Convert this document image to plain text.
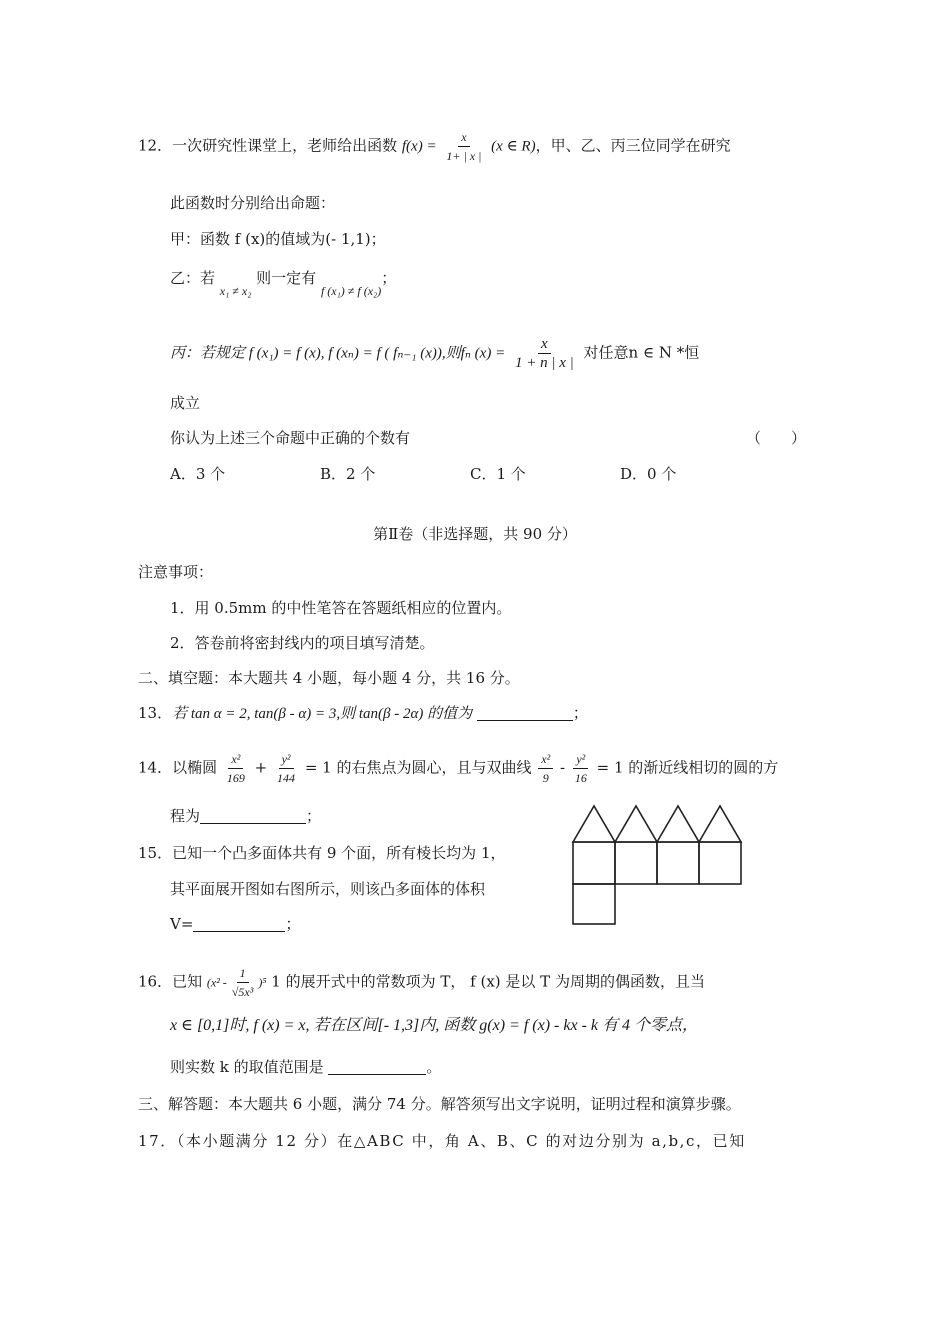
12．一次研究性课堂上，老师给出函数 $f(x) = \frac{x}{1+ | x |} (x$ ∈ R)，甲、乙、丙三位同学在研究
此函数时分别给出命题：
甲：函数 f (x)的值域为(- 1,1)；
乙：若 $_{x_1 \ne x_2}$ 则一定有 $_{f (x_1) \ne f (x_2)}$；
丙：若规定 f (x₁) = f (x), f (xₙ) = f ( fₙ₋₁ (x)),则fₙ $(x) = \frac{x}{1 + n | x |}$ 对任意n ∈ N *恒
成立
你认为上述三个命题中正确的个数有	（　　）
A．3 个	B．2 个	C．1 个	D．0 个
第Ⅱ卷（非选择题，共 90 分）
注意事项：
1．用 0.5mm 的中性笔答在答题纸相应的位置内。
2．答卷前将密封线内的项目填写清楚。
二、填空题：本大题共 4 小题，每小题 4 分，共 16 分。
13．若 tan α = 2, tan(β - α) = 3,则 tan(β - 2α) 的值为	；
14．以椭圆 $\frac{\text{x²}}{169} + \frac{\text{y²}}{144} = 1$ 的右焦点为圆心，且与双曲线 $\frac{\text{x²}}{9} - \frac{\text{y²}}{16} = 1$ 的渐近线相切的圆的方
程为	；
15．已知一个凸多面体共有 9 个面，所有棱长均为 1，
其平面展开图如右图所示，则该凸多面体的体积
V=	；
16．已知 $(x^2 - \frac{1}{\text{√5x³}} )^5$ 1 的展开式中的常数项为 T， f (x) 是以 T 为周期的偶函数，且当
x ∈ [0,1]时, f (x) = x, 若在区间[- 1,3]内, 函数 g(x) = f (x) - kx - k 有 4 个零点，
则实数 k 的取值范围是	。
三、解答题：本大题共 6 小题，满分 74 分。解答须写出文字说明，证明过程和演算步骤。
17．（本小题满分 12 分）在△ABC 中，角 A、B、C 的对边分别为 a,b,c，已知
